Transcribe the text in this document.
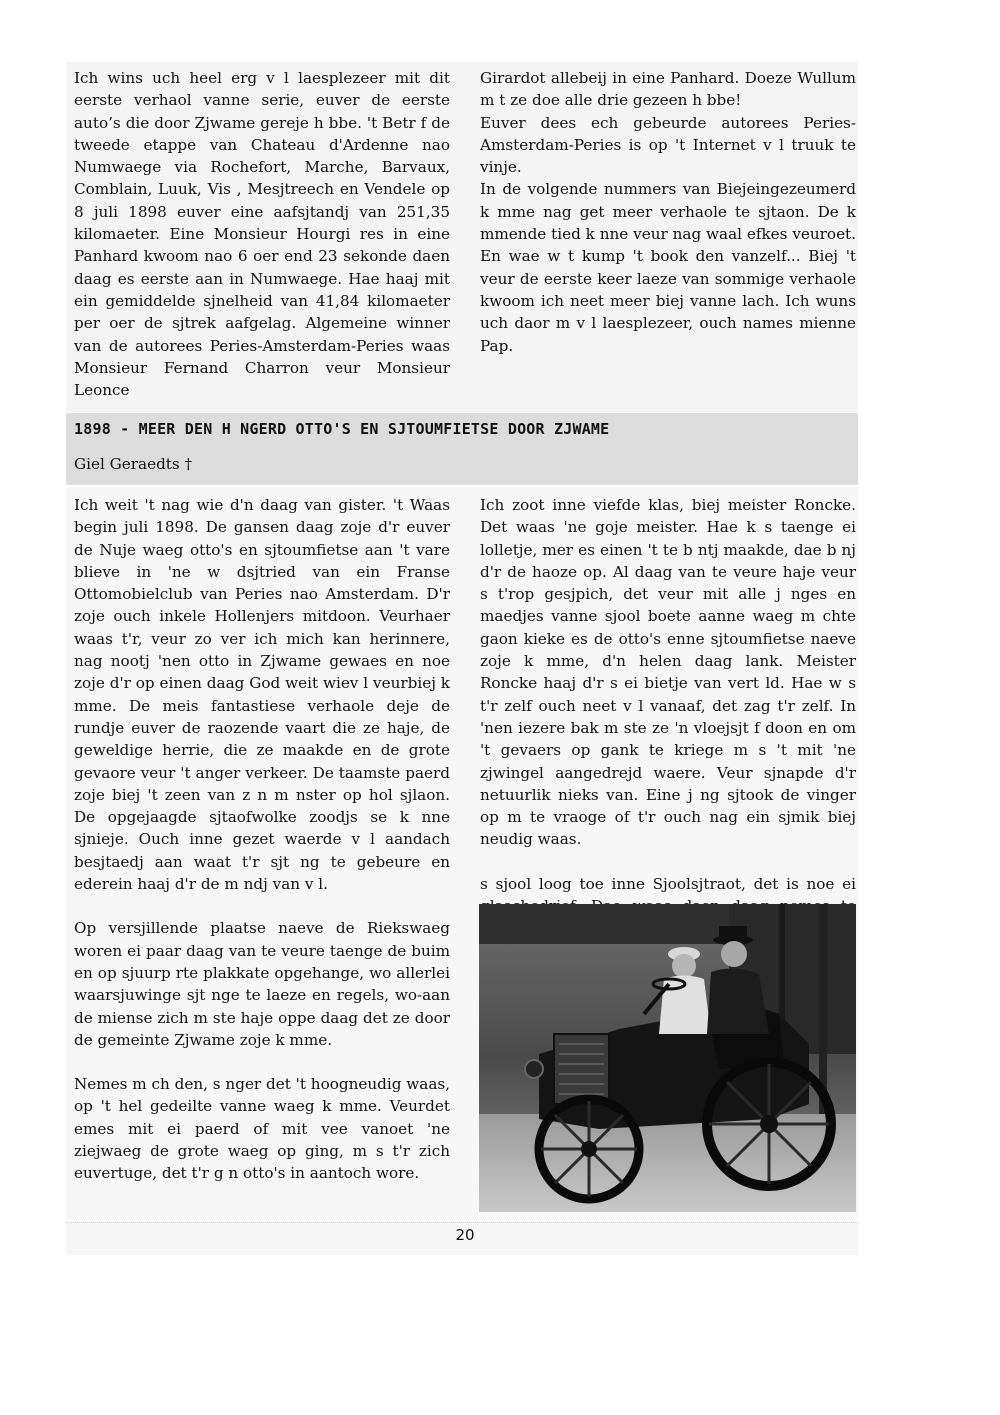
Ich wins uch heel erg v l laesplezeer mit dit eerste verhaol vanne serie, euver de eerste auto’s die door Zjwame gereje h bbe. 't Betr f de tweede etappe van Chateau d'Ardenne nao Numwaege via Rochefort, Marche, Barvaux, Comblain, Luuk, Vis , Mesjtreech en Vendele op 8 juli 1898 euver eine aafsjtandj van 251,35 kilomaeter. Eine Monsieur Hourgi res in eine Panhard kwoom nao 6 oer end 23 sekonde daen daag es eerste aan in Numwaege. Hae haaj mit ein gemiddelde sjnelheid van 41,84 kilomaeter per oer de sjtrek aafgelag. Algemeine winner van de autorees Peries-Amsterdam-Peries waas Monsieur Fernand Charron veur Monsieur Leonce

Girardot allebeij in eine Panhard. Doeze Wullum m t ze doe alle drie gezeen h bbe!

Euver dees ech gebeurde autorees Peries-Amsterdam-Peries is op 't Internet v l truuk te vinje.

In de volgende nummers van Biejeingezeumerd k mme nag get meer verhaole te sjtaon. De k mmende tied k nne veur nag waal efkes veuroet. En wae w t kump 't book den vanzelf... Biej 't veur de eerste keer laeze van sommige verhaole kwoom ich neet meer biej vanne lach. Ich wuns uch daor m v l laesplezeer, ouch names mienne Pap.

1898 - MEER DEN H NGERD OTTO'S EN SJTOUMFIETSE DOOR ZJWAME
Giel Geraedts †

Ich weit 't nag wie d'n daag van gister. 't Waas begin juli 1898. De gansen daag zoje d'r euver de Nuje waeg otto's en sjtoumfietse aan 't vare blieve in 'ne w dsjtried van ein Franse Ottomobielclub van Peries nao Amsterdam. D'r zoje ouch inkele Hollenjers mitdoon. Veurhaer waas t'r, veur zo ver ich mich kan herinnere, nag nootj 'nen otto in Zjwame gewaes en noe zoje d'r op einen daag God weit wiev l veurbiej k mme. De meis fantastiese verhaole deje de rundje euver de raozende vaart die ze haje, de geweldige herrie, die ze maakde en de grote gevaore veur 't anger verkeer. De taamste paerd zoje biej 't zeen van z n m nster op hol sjlaon. De opgejaagde sjtaofwolke zoodjs se k nne sjnieje. Ouch inne gezet waerde v l aandach besjtaedj aan waat t'r sjt ng te gebeure en ederein haaj d'r de m ndj van v l.

Op versjillende plaatse naeve de Riekswaeg woren ei paar daag van te veure taenge de buim en op sjuurp rte plakkate opgehange, wo allerlei waarsjuwinge sjt nge te laeze en regels, wo-aan de miense zich m ste haje oppe daag det ze door de gemeinte Zjwame zoje k mme.

Nemes m ch den, s nger det 't hoogneudig waas, op 't hel gedeilte vanne waeg k mme. Veurdet emes mit ei paerd of mit vee vanoet 'ne ziejwaeg de grote waeg op ging, m s t'r zich euvertuge, det t'r g n otto's in aantoch wore.

Ich zoot inne viefde klas, biej meister Roncke. Det waas 'ne goje meister. Hae k s taenge ei lolletje, mer es einen 't te b ntj maakde, dae b nj d'r de haoze op. Al daag van te veure haje veur s t'rop gesjpich, det veur mit alle j nges en maedjes vanne sjool boete aanne waeg m chte gaon kieke es de otto's enne sjtoumfietse naeve zoje k mme, d'n helen daag lank. Meister Roncke haaj d'r s ei bietje van vert ld. Hae w s t'r zelf ouch neet v l vanaaf, det zag t'r zelf. In 'nen iezere bak m ste ze 'n vloejsjt f doon en om 't gevaers op gank te kriege m s 't mit 'ne zjwingel aangedrejd waere. Veur sjnapde d'r netuurlik nieks van. Eine j ng sjtook de vinger op m te vraoge of t'r ouch nag ein sjmik biej neudig waas.

s sjool loog toe inne Sjoolsjtraot, det is noe ei

20
